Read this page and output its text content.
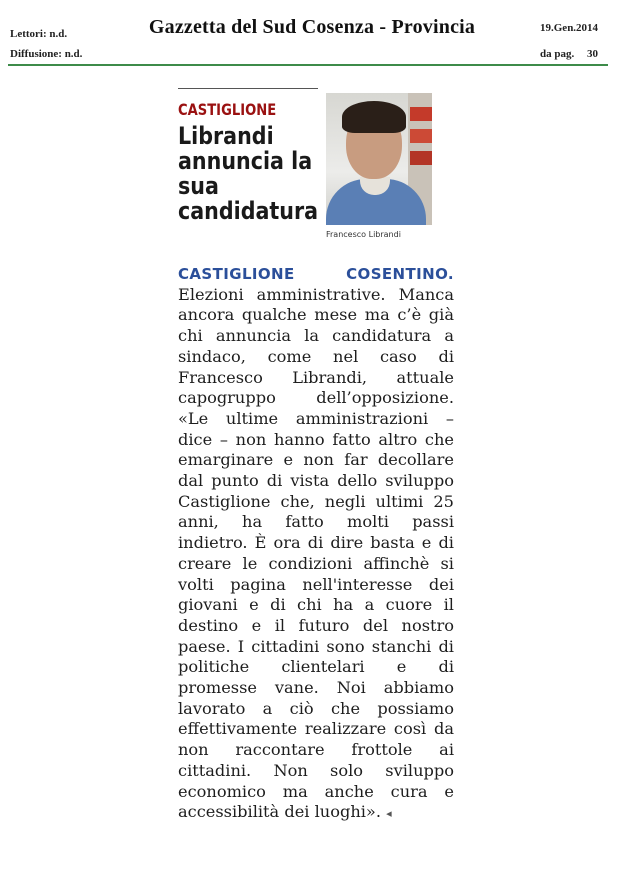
Lettori: n.d.
Diffusione: n.d.
Gazzetta del Sud Cosenza - Provincia	19.Gen.2014
da pag. 30
CASTIGLIONE
Librandi annuncia la sua candidatura
Francesco Librandi
CASTIGLIONE COSENTINO. Elezioni amministrative. Manca ancora qualche mese ma c’è già chi annuncia la candidatura a sindaco, come nel caso di Francesco Librandi, attuale capogruppo dell’opposizione. «Le ultime amministrazioni – dice – non hanno fatto altro che emarginare e non far decollare dal punto di vista dello sviluppo Castiglione che, negli ultimi 25 anni, ha fatto molti passi indietro. È ora di dire basta e di creare le condizioni affinchè si volti pagina nell'interesse dei giovani e di chi ha a cuore il destino e il futuro del nostro paese. I cittadini sono stanchi di politiche clientelari e di promesse vane. Noi abbiamo lavorato a ciò che possiamo effettivamente realizzare così da non raccontare frottole ai cittadini. Non solo sviluppo economico ma anche cura e accessibilità dei luoghi». ◂
